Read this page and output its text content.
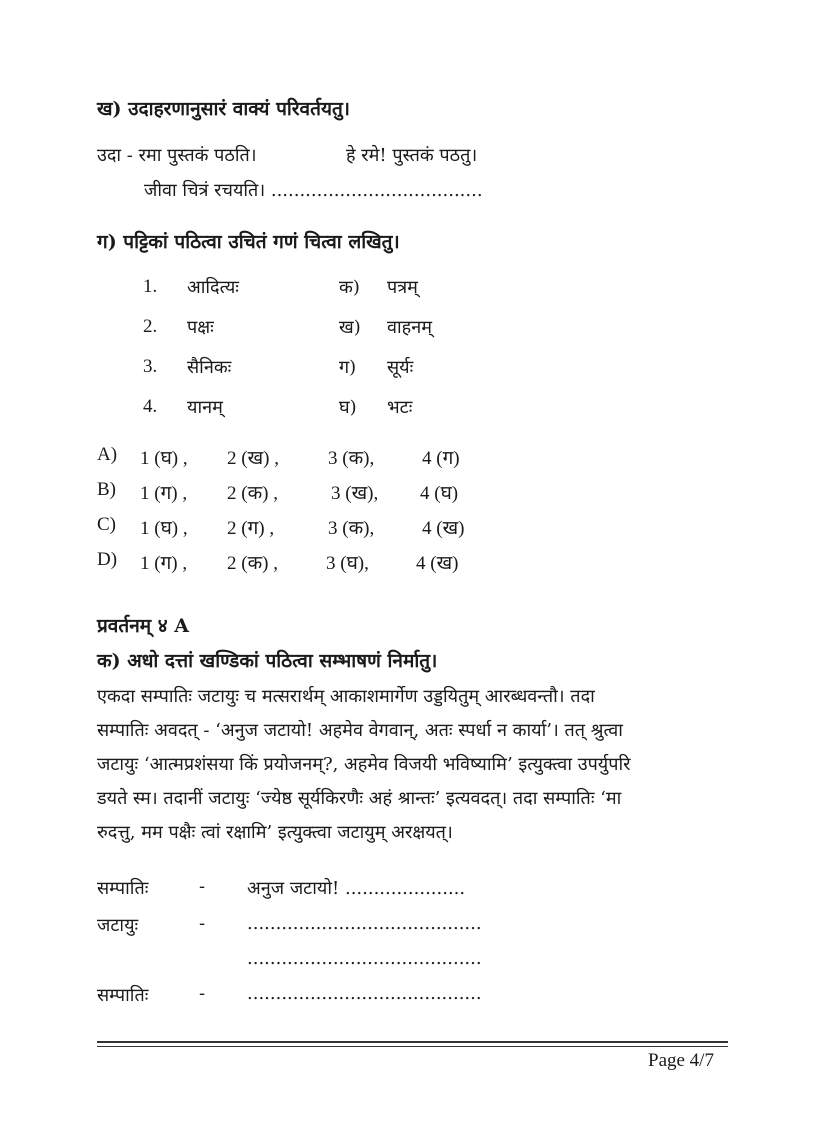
ख) उदाहरणानुसारं वाक्यं परिवर्तयतु।
उदा - रमा पुस्तकं पठति।	हे रमे! पुस्तकं पठतु।
जीवा चित्रं रचयति। .....................................
ग) पट्टिकां पठित्वा उचितं गणं चित्वा लखितु।
1. आदित्यः	क) पत्रम्
2. पक्षः	ख) वाहनम्
3. सैनिकः	ग) सूर्यः
4. यानम्	घ) भटः
A) 1 (घ) , 2 (ख) ,	3 (क),	4 (ग)
B) 1 (ग) , 2 (क) ,	3 (ख), 4 (घ)
C) 1 (घ) , 2 (ग) ,	3 (क),	4 (ख)
D) 1 (ग) , 2 (क) ,	3 (घ), 4 (ख)
प्रवर्तनम् ४ A
क) अधो दत्तां खण्डिकां पठित्वा सम्भाषणं निर्मातु।
एकदा सम्पातिः जटायुः च मत्सरार्थम् आकाशमार्गेण उड्डयितुम् आरब्धवन्तौ। तदा
सम्पातिः अवदत् - ‘अनुज जटायो! अहमेव वेगवान्, अतः स्पर्धा न कार्या’। तत् श्रुत्वा
जटायुः ‘आत्मप्रशंसया किं प्रयोजनम्?, अहमेव विजयी भविष्यामि’ इत्युक्त्वा उपर्युपरि
डयते स्म। तदानीं जटायुः ‘ज्येष्ठ सूर्यकिरणैः अहं श्रान्तः’ इत्यवदत्। तदा सम्पातिः ‘मा
रुदत्तु, मम पक्षैः त्वां रक्षामि’ इत्युक्त्वा जटायुम् अरक्षयत्।
सम्पातिः	- अनुज जटायो! .....................
जटायुः	- .........................................
.........................................
सम्पातिः	- .........................................
Page 4/7
